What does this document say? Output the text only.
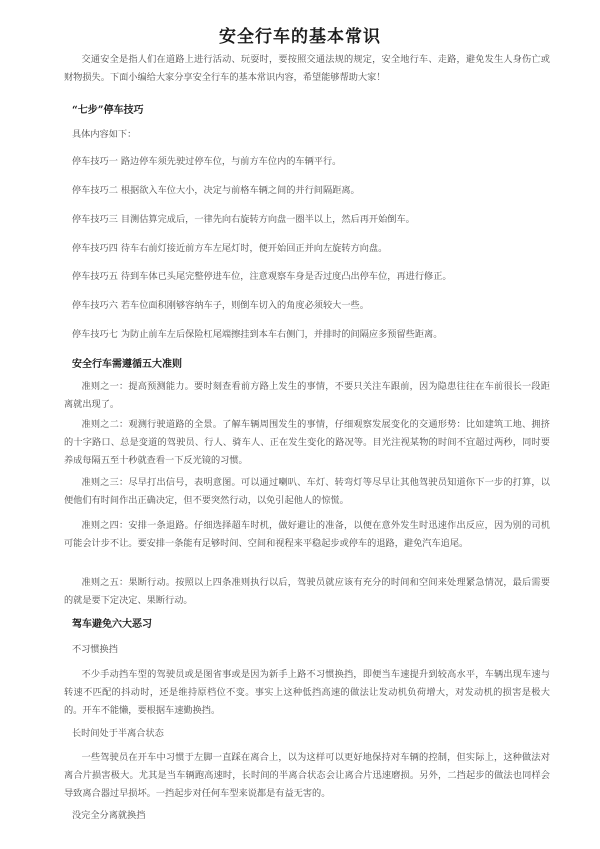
安全行车的基本常识

交通安全是指人们在道路上进行活动、玩耍时，要按照交通法规的规定，安全地行车、走路，避免发生人身伤亡或财物损失。下面小编给大家分享安全行车的基本常识内容，希望能够帮助大家！

“七步”停车技巧
具体内容如下：
停车技巧一 路边停车须先驶过停车位，与前方车位内的车辆平行。
停车技巧二 根据欲入车位大小，决定与前格车辆之间的并行间隔距离。
停车技巧三 目测估算完成后，一律先向右旋转方向盘一圈半以上，然后再开始倒车。
停车技巧四 待车右前灯接近前方车左尾灯时，便开始回正并向左旋转方向盘。
停车技巧五 待到车体已头尾完整停进车位，注意观察车身是否过度凸出停车位，再进行修正。
停车技巧六 若车位面积刚够容纳车子，则倒车切入的角度必须较大一些。
停车技巧七 为防止前车左后保险杠尾端擦挂到本车右侧门，并排时的间隔应多预留些距离。
安全行车需遵循五大准则

准则之一：提高预测能力。要时刻查看前方路上发生的事情，不要只关注车跟前，因为隐患往往在车前很长一段距离就出现了。

准则之二：观测行驶道路的全景。了解车辆周围发生的事情，仔细观察发展变化的交通形势：比如建筑工地、拥挤的十字路口、总是变道的驾驶员、行人、骑车人、正在发生变化的路况等。目光注视某物的时间不宜超过两秒，同时要养成每隔五至十秒就查看一下反光镜的习惯。

准则之三：尽早打出信号，表明意图。可以通过喇叭、车灯、转弯灯等尽早让其他驾驶员知道你下一步的打算，以便他们有时间作出正确决定，但不要突然行动，以免引起他人的惊慌。

准则之四：安排一条退路。仔细选择超车时机，做好避让的准备，以便在意外发生时迅速作出反应，因为别的司机可能会计步不让。要安排一条能有足够时间、空间和视程来平稳起步或停车的退路，避免汽车追尾。

准则之五：果断行动。按照以上四条准则执行以后，驾驶员就应该有充分的时间和空间来处理紧急情况，最后需要的就是要下定决定、果断行动。

驾车避免六大恶习
不习惯换挡

不少手动挡车型的驾驶员或是图省事或是因为新手上路不习惯换挡，即便当车速提升到较高水平，车辆出现车速与转速不匹配的抖动时，还是维持原档位不变。事实上这种低挡高速的做法让发动机负荷增大，对发动机的损害是极大的。开车不能懒，要根据车速勤换挡。

长时间处于半离合状态

一些驾驶员在开车中习惯于左脚一直踩在离合上，以为这样可以更好地保持对车辆的控制，但实际上，这种做法对离合片损害极大。尤其是当车辆跑高速时，长时间的半离合状态会让离合片迅速磨损。另外，二挡起步的做法也同样会导致离合器过早损坏。一挡起步对任何车型来说都是有益无害的。

没完全分离就换挡
